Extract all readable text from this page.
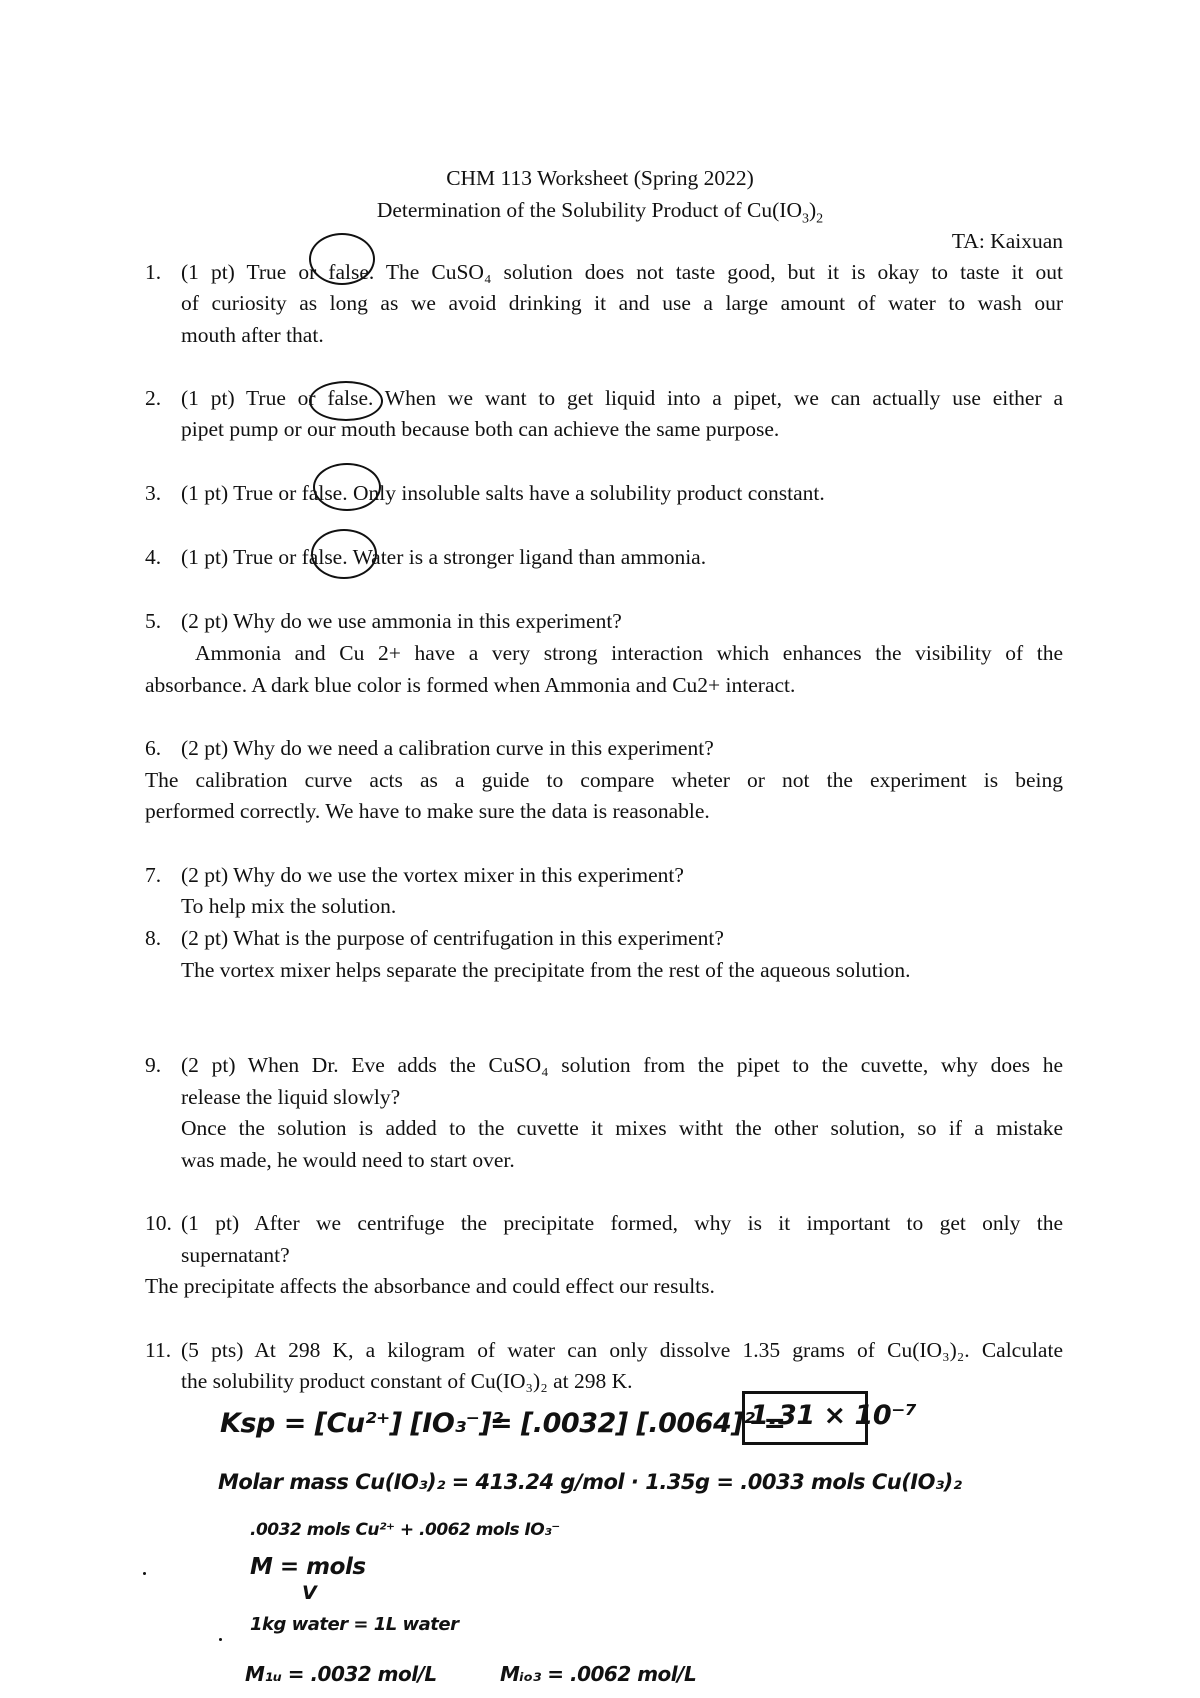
CHM 113 Worksheet (Spring 2022)
Determination of the Solubility Product of $Cu(IO_3)_2$
TA: Kaixuan
1. (1 pt) True or false. The CuSO₄ solution does not taste good, but it is okay to taste it out
of curiosity as long as we avoid drinking it and use a large amount of water to wash our
mouth after that.
2. (1 pt) True or false. When we want to get liquid into a pipet, we can actually use either a
pipet pump or our mouth because both can achieve the same purpose.
3. (1 pt) True or false. Only insoluble salts have a solubility product constant.
4. (1 pt) True or false. Water is a stronger ligand than ammonia.
5. (2 pt) Why do we use ammonia in this experiment?
Ammonia and Cu 2+ have a very strong interaction which enhances the visibility of the
absorbance. A dark blue color is formed when Ammonia and Cu2+ interact.
6. (2 pt) Why do we need a calibration curve in this experiment?
The calibration curve acts as a guide to compare wheter or not the experiment is being
performed correctly. We have to make sure the data is reasonable.
7. (2 pt) Why do we use the vortex mixer in this experiment?
To help mix the solution.
8. (2 pt) What is the purpose of centrifugation in this experiment?
The vortex mixer helps separate the precipitate from the rest of the aqueous solution.
9. (2 pt) When Dr. Eve adds the CuSO₄ solution from the pipet to the cuvette, why does he
release the liquid slowly?
Once the solution is added to the cuvette it mixes witht the other solution, so if a mistake
was made, he would need to start over.
10. (1 pt) After we centrifuge the precipitate formed, why is it important to get only the
supernatant?
The precipitate affects the absorbance and could effect our results.
11. (5 pts) At 298 K, a kilogram of water can only dissolve 1.35 grams of Cu(IO₃)₂. Calculate
the solubility product constant of Cu(IO₃)₂ at 298 K.
Ksp = [Cu²⁺] [IO₃⁻]²
= [.0032] [.0064]² =
1.31 × 10⁻⁷
Molar mass Cu(IO₃)₂ = 413.24 g/mol · 1.35g = .0033 mols Cu(IO₃)₂
.0032 mols Cu²⁺ + .0062 mols IO₃⁻
M = mols
V
1kg water = 1L water
M₁ᵤ = .0032 mol/L	Mᵢₒ₃ = .0062 mol/L
